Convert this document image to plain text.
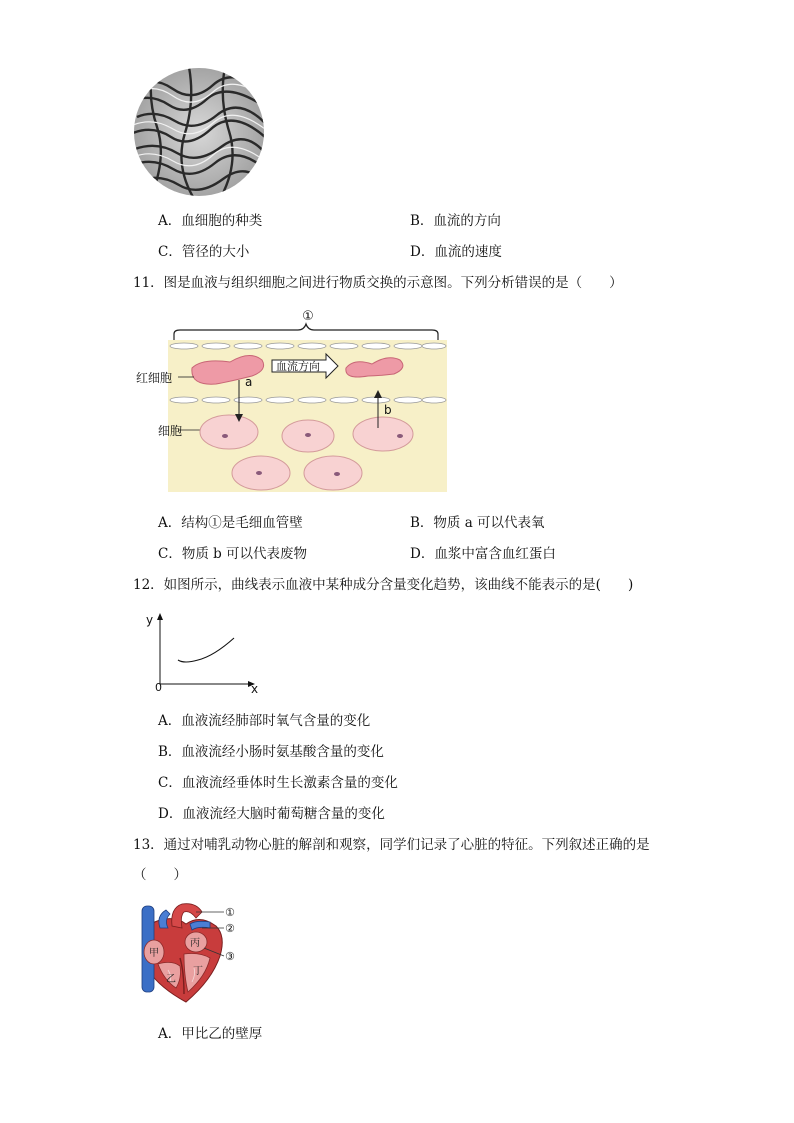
A．血细胞的种类	B．血流的方向
C．管径的大小	D．血流的速度
11．图是血液与组织细胞之间进行物质交换的示意图。下列分析错误的是（　　）
①
血流方向
a
b
红细胞
细胞
A．结构①是毛细血管壁	B．物质 a 可以代表氧
C．物质 b 可以代表废物	D．血浆中富含血红蛋白
12．如图所示，曲线表示血液中某种成分含量变化趋势，该曲线不能表示的是(　　)
y
x
0
A．血液流经肺部时氧气含量的变化
B．血液流经小肠时氨基酸含量的变化
C．血液流经垂体时生长激素含量的变化
D．血液流经大脑时葡萄糖含量的变化
13．通过对哺乳动物心脏的解剖和观察，同学们记录了心脏的特征。下列叙述正确的是
（　　）
甲
丙
乙
丁
①
②
③
A．甲比乙的壁厚
